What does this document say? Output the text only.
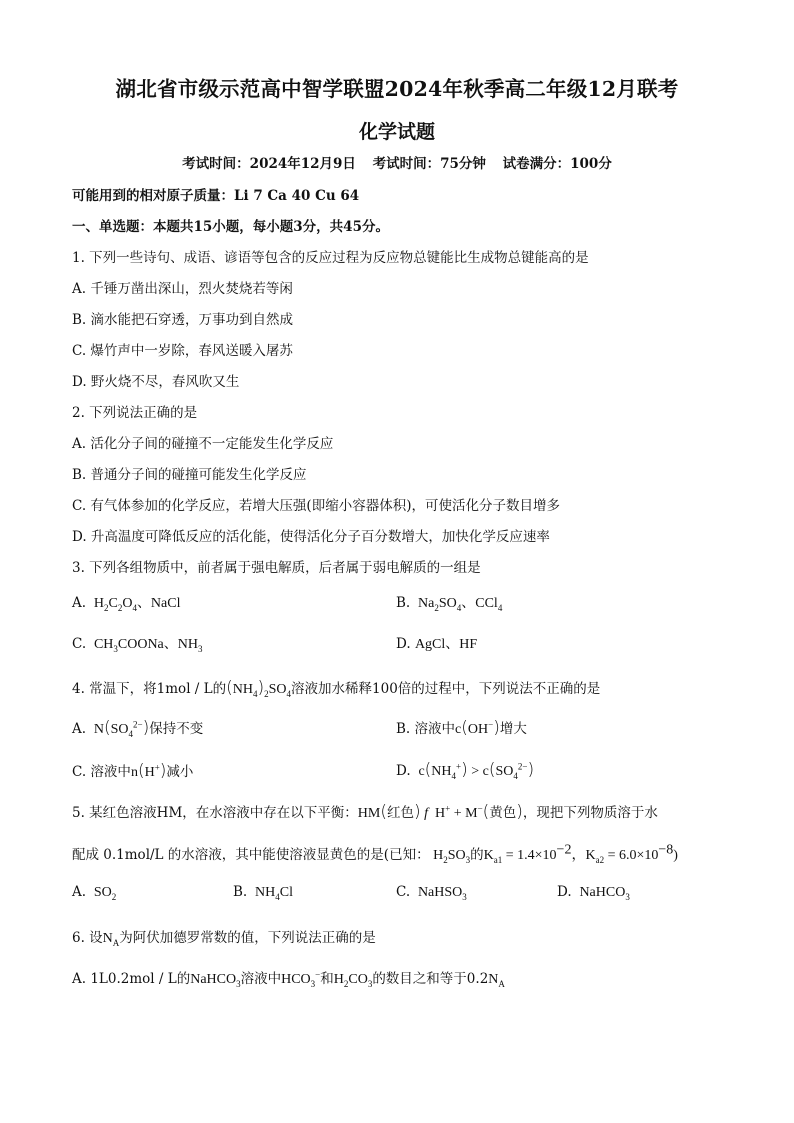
湖北省市级示范高中智学联盟2024年秋季高二年级12月联考
化学试题
考试时间：2024年12月9日 考试时间：75分钟 试卷满分：100分
可能用到的相对原子质量：Li 7 Ca 40 Cu 64
一、单选题：本题共15小题，每小题3分，共45分。
1. 下列一些诗句、成语、谚语等包含的反应过程为反应物总键能比生成物总键能高的是
A. 千锤万凿出深山，烈火焚烧若等闲
B. 滴水能把石穿透，万事功到自然成
C. 爆竹声中一岁除，春风送暖入屠苏
D. 野火烧不尽，春风吹又生
2. 下列说法正确的是
A. 活化分子间的碰撞不一定能发生化学反应
B. 普通分子间的碰撞可能发生化学反应
C. 有气体参加的化学反应，若增大压强(即缩小容器体积)，可使活化分子数目增多
D. 升高温度可降低反应的活化能，使得活化分子百分数增大，加快化学反应速率
3. 下列各组物质中，前者属于强电解质，后者属于弱电解质的一组是
A.  $H_2C_2O_4$、NaCl	B.  $Na_2SO_4$、CCl$_4$
C.  $CH_3COONa$、$NH_3$	D. AgCl、HF
4. 常温下，将1mol / L的$(NH_4)_2SO_4$溶液加水稀释100倍的过程中，下列说法不正确的是
A.  $N(SO_4^{2-})$保持不变	B. 溶液中c(OH−)增大
C. 溶液中n(H+)减小	D.  $c(NH_4^+) > c(SO_4^{2-})$
5. 某红色溶液HM，在水溶液中存在以下平衡：HM(红色) f  H+ + M−(黄色)，现把下列物质溶于水
配成 0.1mol/L 的水溶液，其中能使溶液显黄色的是(已知： $H_2SO_3$的$K_{a1} = 1.4\times 10^{-2}$，$K_{a2} = 6.0\times 10^{-8}$)
A.  $SO_2$	B.  $NH_4Cl$	C.  NaHSO$_3$	D.  NaHCO$_3$
6. 设$N_A$为阿伏加德罗常数的值，下列说法正确的是
A. 1L0.2mol / L的NaHCO$_3$溶液中$HCO_3^-$和$H_2CO_3$的数目之和等于$0.2N_A$
